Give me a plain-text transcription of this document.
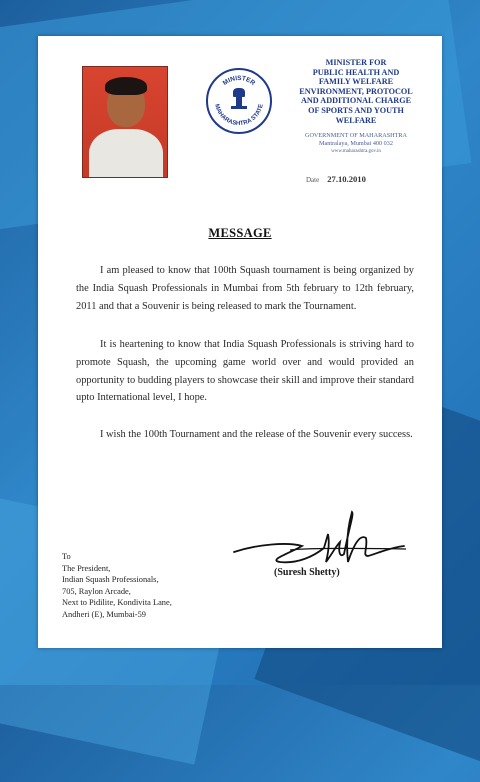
MINISTER
MAHARASHTRA STATE
MINISTER FOR
PUBLIC HEALTH AND
FAMILY WELFARE
ENVIRONMENT, PROTOCOL
AND ADDITIONAL CHARGE
OF SPORTS AND YOUTH
WELFARE
GOVERNMENT OF MAHARASHTRA
Mantralaya, Mumbai 400 032
www.maharashtra.gov.in
Date 27.10.2010
MESSAGE

I am pleased to know that 100th Squash tournament is being organized by the India Squash Professionals in Mumbai from 5th february to 12th february, 2011 and that a Souvenir is being released to mark the Tournament.

It is heartening to know that India Squash Professionals is striving hard to promote Squash, the upcoming game world over and would provided an opportunity to budding players to showcase their skill and improve their standard upto International level, I hope.

I wish the 100th Tournament and the release of the Souvenir every success.

To
The President,
Indian Squash Professionals,
705, Raylon Arcade,
Next to Pidilite, Kondivita Lane,
Andheri (E), Mumbai-59
(Suresh Shetty)
